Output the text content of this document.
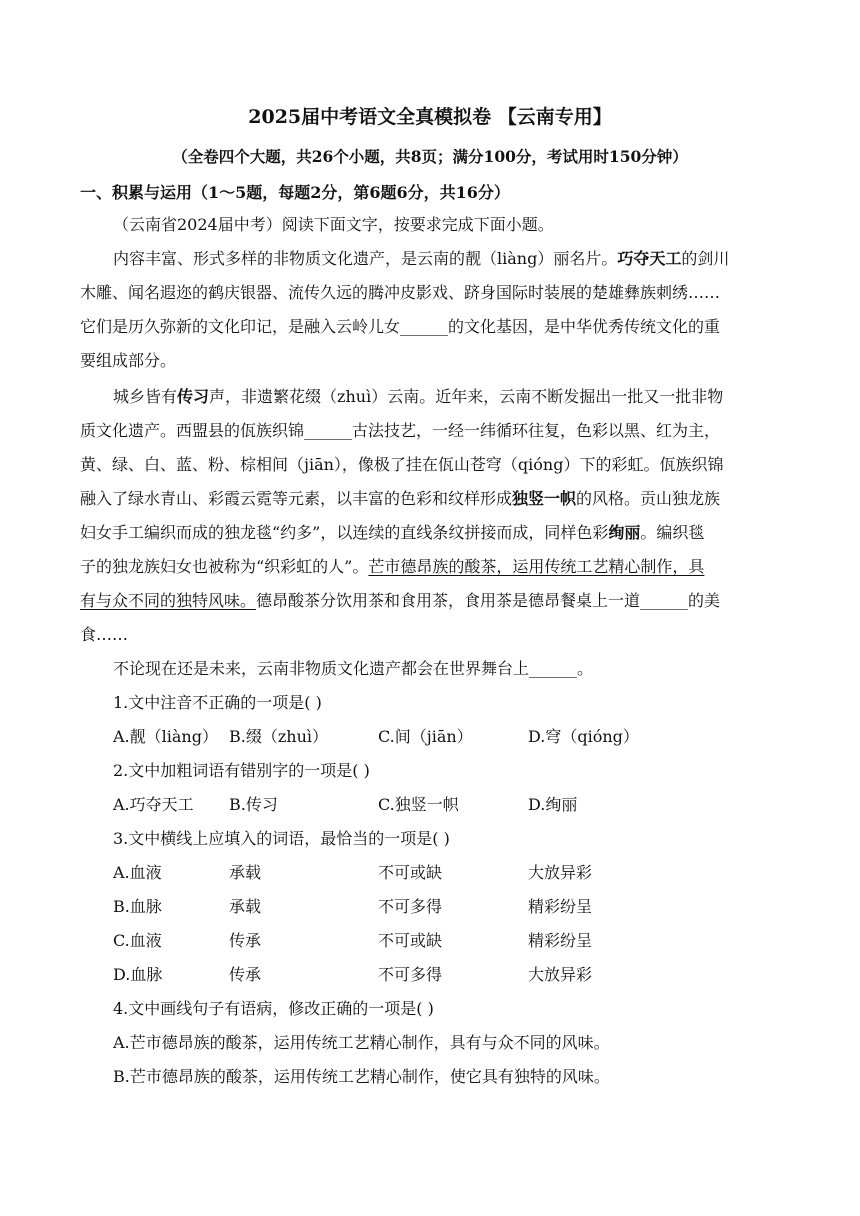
2025届中考语文全真模拟卷 【云南专用】
（全卷四个大题，共26个小题，共8页；满分100分，考试用时150分钟）
一、积累与运用（1～5题，每题2分，第6题6分，共16分）
（云南省2024届中考）阅读下面文字，按要求完成下面小题。
内容丰富、形式多样的非物质文化遗产，是云南的靓（liàng）丽名片。巧夺天工的剑川
木雕、闻名遐迩的鹤庆银器、流传久远的腾冲皮影戏、跻身国际时装展的楚雄彝族刺绣……
它们是历久弥新的文化印记，是融入云岭儿女______的文化基因，是中华优秀传统文化的重
要组成部分。
城乡皆有传习声，非遗繁花缀（zhuì）云南。近年来，云南不断发掘出一批又一批非物
质文化遗产。西盟县的佤族织锦______古法技艺，一经一纬循环往复，色彩以黑、红为主，
黄、绿、白、蓝、粉、棕相间（jiān），像极了挂在佤山苍穹（qióng）下的彩虹。佤族织锦
融入了绿水青山、彩霞云霓等元素，以丰富的色彩和纹样形成独竖一帜的风格。贡山独龙族
妇女手工编织而成的独龙毯“约多”，以连续的直线条纹拼接而成，同样色彩绚丽。编织毯
子的独龙族妇女也被称为“织彩虹的人”。芒市德昂族的酸茶，运用传统工艺精心制作，具
有与众不同的独特风味。德昂酸茶分饮用茶和食用茶，食用茶是德昂餐桌上一道______的美
食……
不论现在还是未来，云南非物质文化遗产都会在世界舞台上______。
1.文中注音不正确的一项是( )
A.靓（liàng） B.缀（zhuì）	C.间（jiān）	D.穹（qióng）
2.文中加粗词语有错别字的一项是( )
A.巧夺天工 B.传习	C.独竖一帜	D.绚丽
3.文中横线上应填入的词语，最恰当的一项是( )
A.血液	承载	不可或缺	大放异彩
B.血脉	承载	不可多得	精彩纷呈
C.血液	传承	不可或缺	精彩纷呈
D.血脉	传承	不可多得	大放异彩
4.文中画线句子有语病，修改正确的一项是( )
A.芒市德昂族的酸茶，运用传统工艺精心制作，具有与众不同的风味。
B.芒市德昂族的酸茶，运用传统工艺精心制作，使它具有独特的风味。
